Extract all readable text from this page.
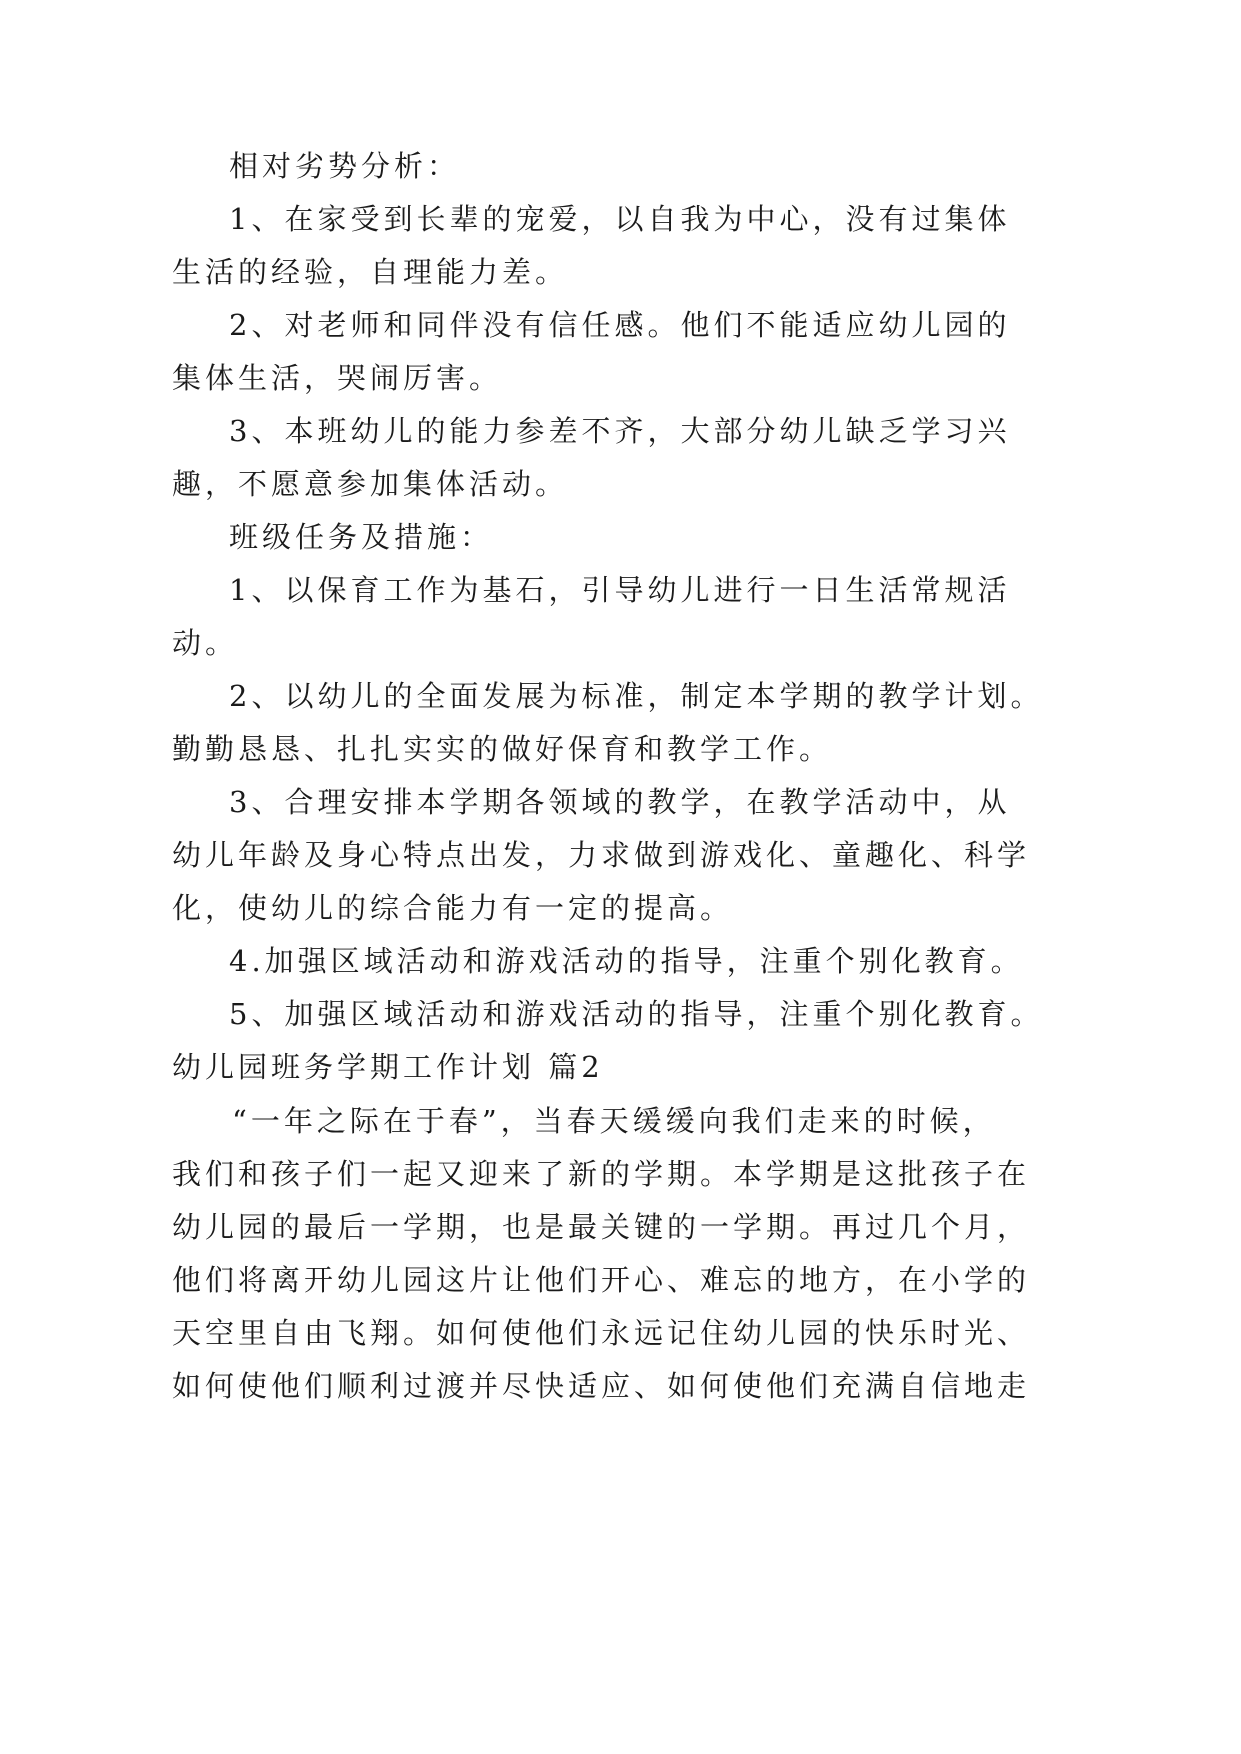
相对劣势分析：
1、在家受到长辈的宠爱，以自我为中心，没有过集体
生活的经验，自理能力差。
2、对老师和同伴没有信任感。他们不能适应幼儿园的
集体生活，哭闹厉害。
3、本班幼儿的能力参差不齐，大部分幼儿缺乏学习兴
趣，不愿意参加集体活动。
班级任务及措施：
1、以保育工作为基石，引导幼儿进行一日生活常规活
动。
2、以幼儿的全面发展为标准，制定本学期的教学计划。
勤勤恳恳、扎扎实实的做好保育和教学工作。
3、合理安排本学期各领域的教学，在教学活动中，从
幼儿年龄及身心特点出发，力求做到游戏化、童趣化、科学
化，使幼儿的综合能力有一定的提高。
4.加强区域活动和游戏活动的指导，注重个别化教育。
5、加强区域活动和游戏活动的指导，注重个别化教育。
幼儿园班务学期工作计划 篇2
“一年之际在于春”，当春天缓缓向我们走来的时候，
我们和孩子们一起又迎来了新的学期。本学期是这批孩子在
幼儿园的最后一学期，也是最关键的一学期。再过几个月，
他们将离开幼儿园这片让他们开心、难忘的地方，在小学的
天空里自由飞翔。如何使他们永远记住幼儿园的快乐时光、
如何使他们顺利过渡并尽快适应、如何使他们充满自信地走
